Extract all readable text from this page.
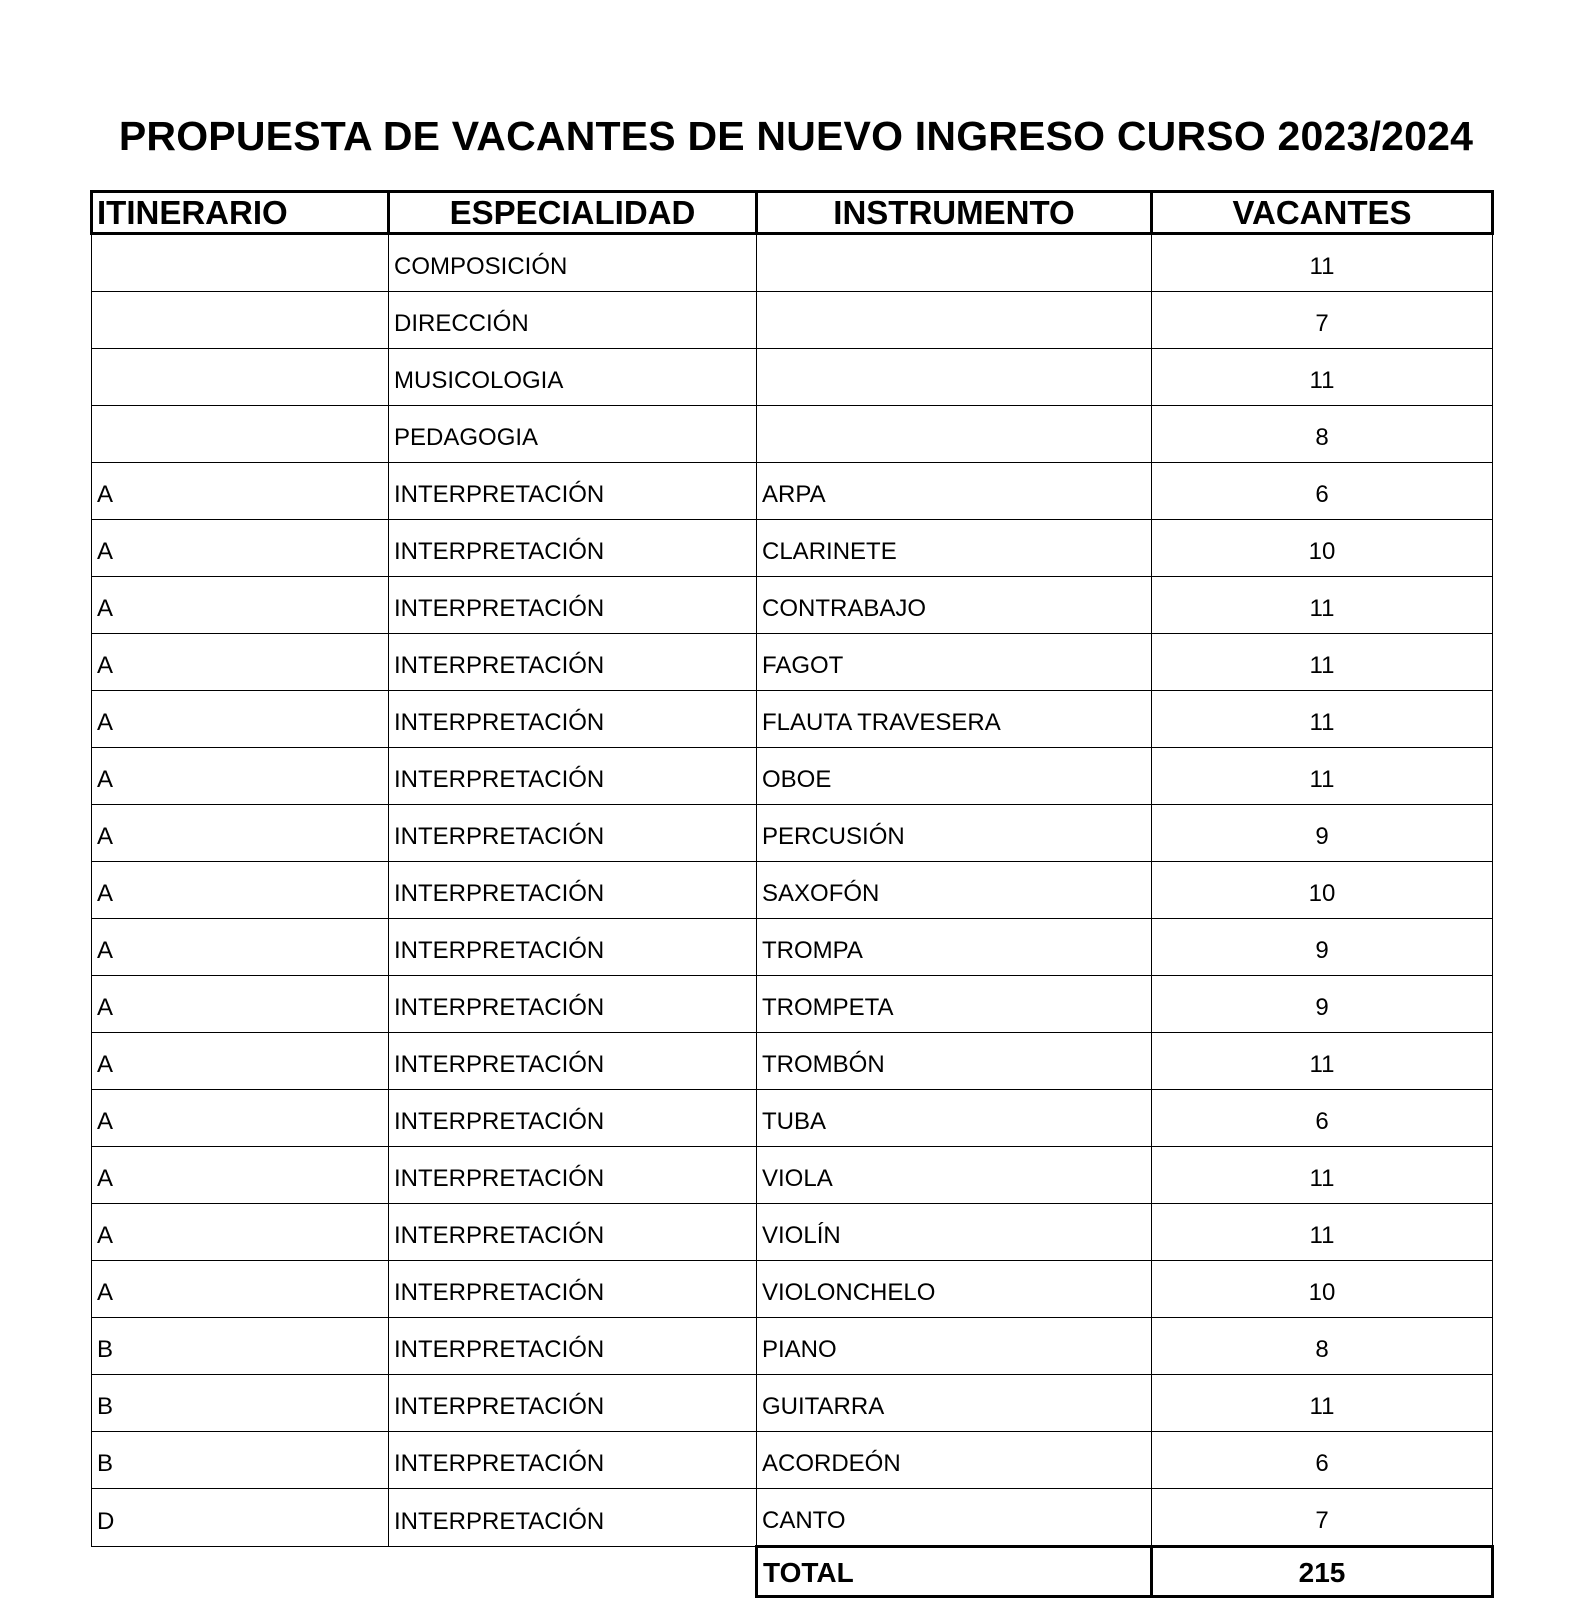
PROPUESTA DE VACANTES DE NUEVO INGRESO CURSO 2023/2024
ITINERARIO	ESPECIALIDAD	INSTRUMENTO	VACANTES
	COMPOSICIÓN		11
	DIRECCIÓN		7
	MUSICOLOGIA		11
	PEDAGOGIA		8
A	INTERPRETACIÓN	ARPA	6
A	INTERPRETACIÓN	CLARINETE	10
A	INTERPRETACIÓN	CONTRABAJO	11
A	INTERPRETACIÓN	FAGOT	11
A	INTERPRETACIÓN	FLAUTA TRAVESERA	11
A	INTERPRETACIÓN	OBOE	11
A	INTERPRETACIÓN	PERCUSIÓN	9
A	INTERPRETACIÓN	SAXOFÓN	10
A	INTERPRETACIÓN	TROMPA	9
A	INTERPRETACIÓN	TROMPETA	9
A	INTERPRETACIÓN	TROMBÓN	11
A	INTERPRETACIÓN	TUBA	6
A	INTERPRETACIÓN	VIOLA	11
A	INTERPRETACIÓN	VIOLÍN	11
A	INTERPRETACIÓN	VIOLONCHELO	10
B	INTERPRETACIÓN	PIANO	8
B	INTERPRETACIÓN	GUITARRA	11
B	INTERPRETACIÓN	ACORDEÓN	6
D	INTERPRETACIÓN	CANTO	7
		TOTAL	215
